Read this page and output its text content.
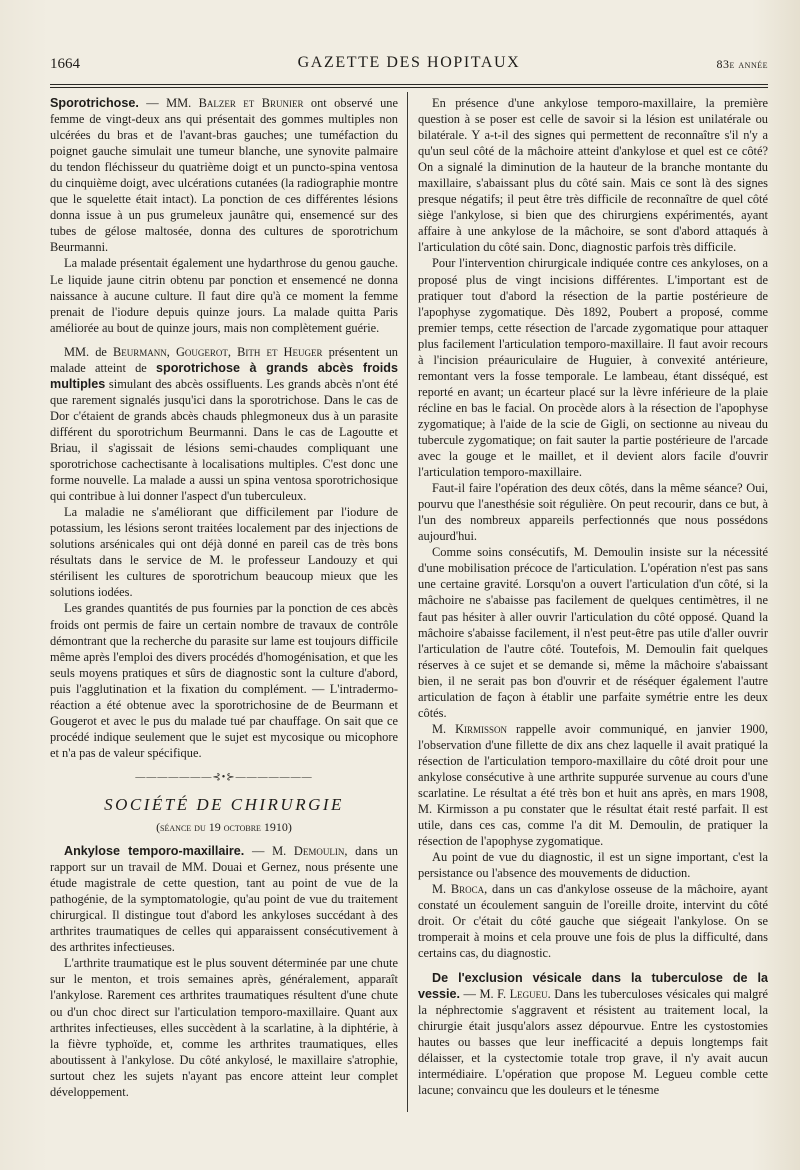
1664	GAZETTE DES HOPITAUX	83e année

Sporotrichose. — MM. Balzer et Brunier ont observé une femme de vingt-deux ans qui présentait des gommes multiples non ulcérées du bras et de l'avant-bras gauches; une tuméfaction du poignet gauche simulait une tumeur blanche, une synovite palmaire du tendon fléchisseur du quatrième doigt et un puncto-spina ventosa du cinquième doigt, avec ulcérations cutanées (la radiographie montre que le squelette était intact). La ponction de ces différentes lésions donna issue à un pus grumeleux jaunâtre qui, ensemencé sur des tubes de gélose maltosée, donna des cultures de sporotrichum Beurmanni.

La malade présentait également une hydarthrose du genou gauche. Le liquide jaune citrin obtenu par ponction et ensemencé ne donna naissance à aucune culture. Il faut dire qu'à ce moment la femme prenait de l'iodure depuis quinze jours. La malade quitta Paris améliorée au bout de quinze jours, mais non complètement guérie.

MM. de Beurmann, Gougerot, Bith et Heuger présentent un malade atteint de sporotrichose à grands abcès froids multiples simulant des abcès ossifluents. Les grands abcès n'ont été que rarement signalés jusqu'ici dans la sporotrichose. Dans le cas de Dor c'étaient de grands abcès chauds phlegmoneux dus à un parasite différent du sporotrichum Beurmanni. Dans le cas de Lagoutte et Briau, il s'agissait de lésions semi-chaudes compliquant une sporotrichose cachectisante à localisations multiples. C'est donc une forme nouvelle. La malade a aussi un spina ventosa sporotrichosique qui contribue à lui donner l'aspect d'un tuberculeux.

La maladie ne s'améliorant que difficilement par l'iodure de potassium, les lésions seront traitées localement par des injections de solutions arsénicales qui ont déjà donné en pareil cas de très bons résultats dans le service de M. le professeur Landouzy et qui stérilisent les cultures de sporotrichum beaucoup mieux que les solutions iodées.

Les grandes quantités de pus fournies par la ponction de ces abcès froids ont permis de faire un certain nombre de travaux de contrôle démontrant que la recherche du parasite sur lame est toujours difficile même après l'emploi des divers procédés d'homogénisation, et que les seuls moyens pratiques et sûrs de diagnostic sont la culture d'abord, puis l'agglutination et la fixation du complément. — L'intradermo-réaction a été obtenue avec la sporotrichosine de de Beurmann et Gougerot et avec le pus du malade tué par chauffage. On sait que ce procédé indique seulement que le sujet est mycosique ou micophore et n'a pas de valeur spécifique.

———————⊰•⊱———————
SOCIÉTÉ DE CHIRURGIE
(séance du 19 octobre 1910)

Ankylose temporo-maxillaire. — M. Demoulin, dans un rapport sur un travail de MM. Douai et Gernez, nous présente une étude magistrale de cette question, tant au point de vue de la pathogénie, de la symptomatologie, qu'au point de vue du traitement chirurgical. Il distingue tout d'abord les ankyloses succédant à des arthrites traumatiques de celles qui apparaissent consécutivement à des arthrites infectieuses.

L'arthrite traumatique est le plus souvent déterminée par une chute sur le menton, et trois semaines après, généralement, apparaît l'ankylose. Rarement ces arthrites traumatiques résultent d'une chute ou d'un choc direct sur l'articulation temporo-maxillaire. Quant aux arthrites infectieuses, elles succèdent à la scarlatine, à la diphtérie, à la fièvre typhoïde, et, comme les arthrites traumatiques, elles aboutissent à l'ankylose. Du côté ankylosé, le maxillaire s'atrophie, surtout chez les sujets n'ayant pas encore atteint leur complet développement.

En présence d'une ankylose temporo-maxillaire, la première question à se poser est celle de savoir si la lésion est unilatérale ou bilatérale. Y a-t-il des signes qui permettent de reconnaître s'il n'y a qu'un seul côté de la mâchoire atteint d'ankylose et quel est ce côté? On a signalé la diminution de la hauteur de la branche montante du maxillaire, s'abaissant plus du côté sain. Mais ce sont là des signes presque négatifs; il peut être très difficile de reconnaître de quel côté siège l'ankylose, si bien que des chirurgiens expérimentés, ayant affaire à une ankylose de la mâchoire, se sont d'abord attaqués à l'articulation du côté sain. Donc, diagnostic parfois très difficile.

Pour l'intervention chirurgicale indiquée contre ces ankyloses, on a proposé plus de vingt incisions différentes. L'important est de pratiquer tout d'abord la résection de la partie postérieure de l'apophyse zygomatique. Dès 1892, Poubert a proposé, comme premier temps, cette résection de l'arcade zygomatique pour attaquer plus facilement l'articulation temporo-maxillaire. Il faut avoir recours à l'incision préauriculaire de Huguier, à convexité antérieure, remontant vers la fosse temporale. Le lambeau, étant disséqué, est reporté en avant; un écarteur placé sur la lèvre inférieure de la plaie récline en bas le facial. On procède alors à la résection de l'apophyse zygomatique; à l'aide de la scie de Gigli, on sectionne au niveau du tubercule zygomatique; on fait sauter la partie postérieure de l'arcade avec la gouge et le maillet, et il devient alors facile d'ouvrir l'articulation temporo-maxillaire.

Faut-il faire l'opération des deux côtés, dans la même séance? Oui, pourvu que l'anesthésie soit régulière. On peut recourir, dans ce but, à l'un des nombreux appareils perfectionnés que nous possédons aujourd'hui.

Comme soins consécutifs, M. Demoulin insiste sur la nécessité d'une mobilisation précoce de l'articulation. L'opération n'est pas sans une certaine gravité. Lorsqu'on a ouvert l'articulation d'un côté, si la mâchoire ne s'abaisse pas facilement de quelques centimètres, il ne faut pas hésiter à aller ouvrir l'articulation du côté opposé. Quand la mâchoire s'abaisse facilement, il n'est peut-être pas utile d'aller ouvrir l'articulation de l'autre côté. Toutefois, M. Demoulin fait quelques réserves à ce sujet et se demande si, même la mâchoire s'abaissant bien, il ne serait pas bon d'ouvrir et de réséquer également l'autre articulation de façon à établir une parfaite symétrie entre les deux côtés.

M. Kirmisson rappelle avoir communiqué, en janvier 1900, l'observation d'une fillette de dix ans chez laquelle il avait pratiqué la résection de l'articulation temporo-maxillaire du côté droit pour une ankylose consécutive à une arthrite suppurée survenue au cours d'une scarlatine. Le résultat a été très bon et huit ans après, en mars 1908, M. Kirmisson a pu constater que le résultat était resté parfait. Il est utile, dans ces cas, comme l'a dit M. Demoulin, de pratiquer la résection de l'apophyse zygomatique.

Au point de vue du diagnostic, il est un signe important, c'est la persistance ou l'absence des mouvements de diduction.

M. Broca, dans un cas d'ankylose osseuse de la mâchoire, ayant constaté un écoulement sanguin de l'oreille droite, intervint du côté droit. Or c'était du côté gauche que siégeait l'ankylose. On se tromperait à moins et cela prouve une fois de plus la difficulté, dans certains cas, du diagnostic.

De l'exclusion vésicale dans la tuberculose de la vessie. — M. F. Legueu. Dans les tuberculoses vésicales qui malgré la néphrectomie s'aggravent et résistent au traitement local, la chirurgie était jusqu'alors assez dépourvue. Entre les cystostomies hautes ou basses que leur inefficacité a depuis longtemps fait délaisser, et la cystectomie totale trop grave, il n'y avait aucun intermédiaire. L'opération que propose M. Legueu comble cette lacune; convaincu que les douleurs et le ténesme
